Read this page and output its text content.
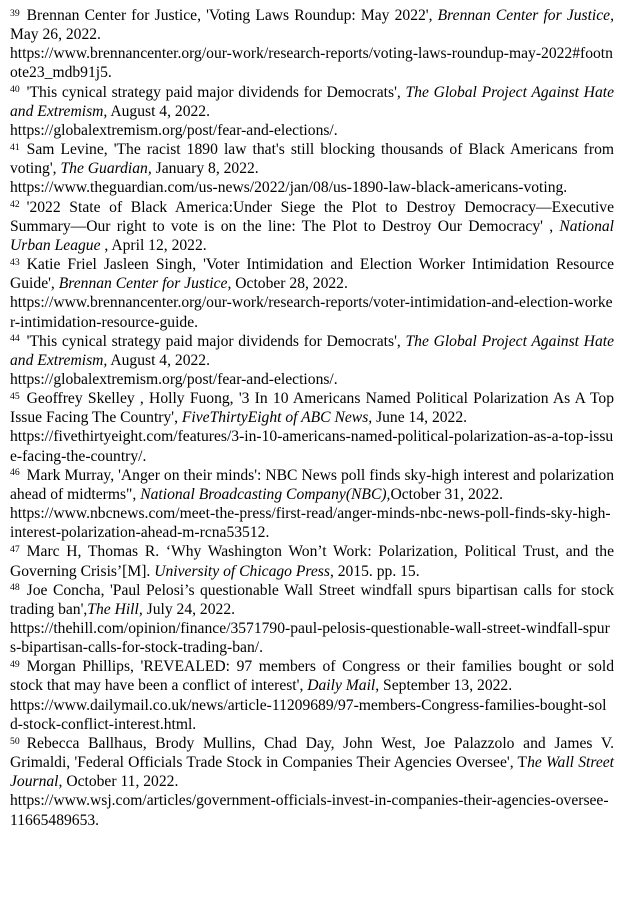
$^{39}$ Brennan Center for Justice, 'Voting Laws Roundup: May 2022', Brennan Center for Justice, May 26, 2022.
https://www.brennancenter.org/our-work/research-reports/voting-laws-roundup-may-2022#footnote23_mdb91j5.

$^{40}$ 'This cynical strategy paid major dividends for Democrats', The Global Project Against Hate and Extremism, August 4, 2022.
https://globalextremism.org/post/fear-and-elections/.

$^{41}$ Sam Levine, 'The racist 1890 law that's still blocking thousands of Black Americans from voting', The Guardian, January 8, 2022.
https://www.theguardian.com/us-news/2022/jan/08/us-1890-law-black-americans-voting.

$^{42}$ '2022 State of Black America:Under Siege the Plot to Destroy Democracy—Executive Summary—Our right to vote is on the line: The Plot to Destroy Our Democracy' , National Urban League , April 12, 2022.

$^{43}$ Katie Friel Jasleen Singh, 'Voter Intimidation and Election Worker Intimidation Resource Guide', Brennan Center for Justice, October 28, 2022.
https://www.brennancenter.org/our-work/research-reports/voter-intimidation-and-election-worker-intimidation-resource-guide.

$^{44}$ 'This cynical strategy paid major dividends for Democrats', The Global Project Against Hate and Extremism, August 4, 2022.
https://globalextremism.org/post/fear-and-elections/.

$^{45}$ Geoffrey Skelley , Holly Fuong, '3 In 10 Americans Named Political Polarization As A Top Issue Facing The Country', FiveThirtyEight of ABC News, June 14, 2022.
https://fivethirtyeight.com/features/3-in-10-americans-named-political-polarization-as-a-top-issue-facing-the-country/.

$^{46}$ Mark Murray, 'Anger on their minds': NBC News poll finds sky-high interest and polarization ahead of midterms", National Broadcasting Company(NBC),October 31, 2022.
https://www.nbcnews.com/meet-the-press/first-read/anger-minds-nbc-news-poll-finds-sky-high-interest-polarization-ahead-m-rcna53512.

$^{47}$ Marc H, Thomas R. ‘Why Washington Won’t Work: Polarization, Political Trust, and the Governing Crisis’[M]. University of Chicago Press, 2015. pp. 15.

$^{48}$ Joe Concha, 'Paul Pelosi’s questionable Wall Street windfall spurs bipartisan calls for stock trading ban',The Hill, July 24, 2022.
https://thehill.com/opinion/finance/3571790-paul-pelosis-questionable-wall-street-windfall-spurs-bipartisan-calls-for-stock-trading-ban/.

$^{49}$ Morgan Phillips, 'REVEALED: 97 members of Congress or their families bought or sold stock that may have been a conflict of interest', Daily Mail, September 13, 2022.
https://www.dailymail.co.uk/news/article-11209689/97-members-Congress-families-bought-sold-stock-conflict-interest.html.

$^{50}$ Rebecca Ballhaus, Brody Mullins, Chad Day, John West, Joe Palazzolo and James V. Grimaldi, 'Federal Officials Trade Stock in Companies Their Agencies Oversee', The Wall Street Journal, October 11, 2022.
https://www.wsj.com/articles/government-officials-invest-in-companies-their-agencies-oversee-11665489653.
